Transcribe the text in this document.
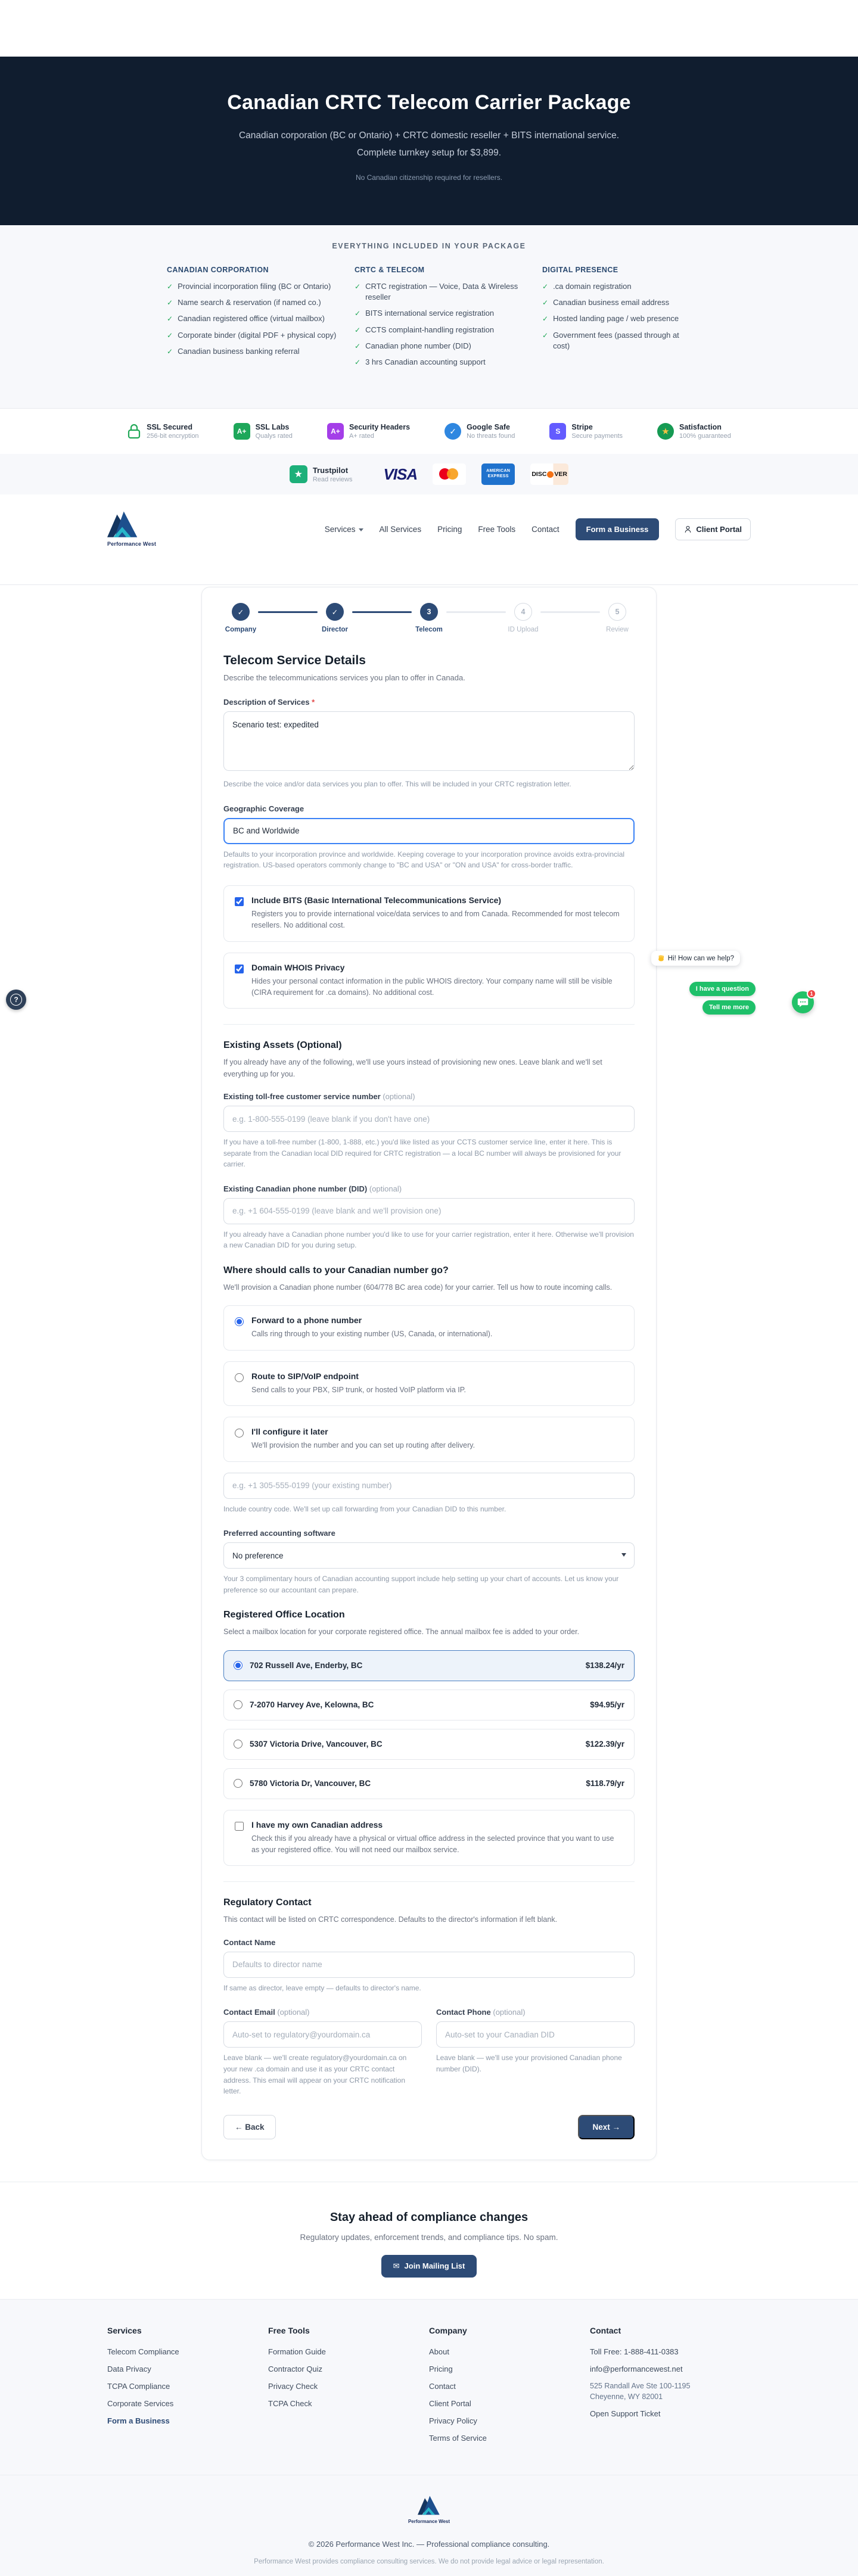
Canadian CRTC Telecom Carrier Package
Canadian corporation (BC or Ontario) + CRTC domestic reseller + BITS international service. Complete turnkey setup for $3,899.
No Canadian citizenship required for resellers.
EVERYTHING INCLUDED IN YOUR PACKAGE
CANADIAN CORPORATION
✓ Provincial incorporation filing (BC or Ontario)
✓ Name search & reservation (if named co.)
✓ Canadian registered office (virtual mailbox)
✓ Corporate binder (digital PDF + physical copy)
✓ Canadian business banking referral
CRTC & TELECOM
✓ CRTC registration — Voice, Data & Wireless reseller
✓ BITS international service registration
✓ CCTS complaint-handling registration
✓ Canadian phone number (DID)
✓ 3 hrs Canadian accounting support
DIGITAL PRESENCE
✓ .ca domain registration
✓ Canadian business email address
✓ Hosted landing page / web presence
✓ Government fees (passed through at cost)
SSL Secured
256-bit encryption
A+	SSL Labs
Qualys rated
A+	Security Headers
A+ rated
✓	Google Safe
No threats found
S	Stripe
Secure payments	★	Satisfaction
100% guaranteed
★	Trustpilot
Read reviews VISA	AMERICAN
EXPRESS	DISC VER
Performance West
Services	All Services Pricing Free Tools Contact	Form a Business	Client Portal
✓
Company
✓
Director
3
Telecom
4
ID Upload
5
Review
Telecom Service Details
Describe the telecommunications services you plan to offer in Canada.
Description of Services *
Scenario test: expedited

Describe the voice and/or data services you plan to offer. This will be included in your CRTC registration letter.

Geographic Coverage
BC and Worldwide

Defaults to your incorporation province and worldwide. Keeping coverage to your incorporation province avoids extra-provincial registration. US-based operators commonly change to "BC and USA" or "ON and USA" for cross-border traffic.

Include BITS (Basic International Telecommunications Service)
Registers you to provide international voice/data services to and from Canada. Recommended for most telecom resellers. No additional cost.
Domain WHOIS Privacy
Hides your personal contact information in the public WHOIS directory. Your company name will still be visible (CIRA requirement for .ca domains). No additional cost.
Existing Assets (Optional)
If you already have any of the following, we'll use yours instead of provisioning new ones. Leave blank and we'll set everything up for you.
Existing toll-free customer service number (optional)
e.g. 1-800-555-0199 (leave blank if you don't have one)

If you have a toll-free number (1-800, 1-888, etc.) you'd like listed as your CCTS customer service line, enter it here. This is separate from the Canadian local DID required for CRTC registration — a local BC number will always be provisioned for your carrier.

Existing Canadian phone number (DID) (optional)
e.g. +1 604-555-0199 (leave blank and we'll provision one)

If you already have a Canadian phone number you'd like to use for your carrier registration, enter it here. Otherwise we'll provision a new Canadian DID for you during setup.

Where should calls to your Canadian number go?
We'll provision a Canadian phone number (604/778 BC area code) for your carrier. Tell us how to route incoming calls.
Forward to a phone number
Calls ring through to your existing number (US, Canada, or international).
Route to SIP/VoIP endpoint
Send calls to your PBX, SIP trunk, or hosted VoIP platform via IP.
I'll configure it later
We'll provision the number and you can set up routing after delivery.
e.g. +1 305-555-0199 (your existing number)

Include country code. We'll set up call forwarding from your Canadian DID to this number.

Preferred accounting software
No preference

Your 3 complimentary hours of Canadian accounting support include help setting up your chart of accounts. Let us know your preference so our accountant can prepare.

Registered Office Location
Select a mailbox location for your corporate registered office. The annual mailbox fee is added to your order.
702 Russell Ave, Enderby, BC	$138.24/yr
7-2070 Harvey Ave, Kelowna, BC	$94.95/yr
5307 Victoria Drive, Vancouver, BC	$122.39/yr
5780 Victoria Dr, Vancouver, BC	$118.79/yr
I have my own Canadian address
Check this if you already have a physical or virtual office address in the selected province that you want to use as your registered office. You will not need our mailbox service.
Regulatory Contact
This contact will be listed on CRTC correspondence. Defaults to the director's information if left blank.
Contact Name
Defaults to director name

If same as director, leave empty — defaults to director's name.

Contact Email (optional)
Auto-set to regulatory@yourdomain.ca

Leave blank — we'll create regulatory@yourdomain.ca on your new .ca domain and use it as your CRTC contact address. This email will appear on your CRTC notification letter.

Contact Phone (optional)
Auto-set to your Canadian DID

Leave blank — we'll use your provisioned Canadian phone number (DID).

← Back	Next →
Stay ahead of compliance changes

Regulatory updates, enforcement trends, and compliance tips. No spam.

✉ Join Mailing List
Services
Telecom Compliance
Data Privacy
TCPA Compliance
Corporate Services
Form a Business
Free Tools
Formation Guide
Contractor Quiz
Privacy Check
TCPA Check
Company
About
Pricing
Contact
Client Portal
Privacy Policy
Terms of Service
Contact
Toll Free: 1-888-411-0383
info@performancewest.net
525 Randall Ave Ste 100-1195
Cheyenne, WY 82001
Open Support Ticket
Performance West
© 2026 Performance West Inc. — Professional compliance consulting.
Performance West provides compliance consulting services. We do not provide legal advice or legal representation.
?
Hi! How can we help?
I have a question
Tell me more
1
